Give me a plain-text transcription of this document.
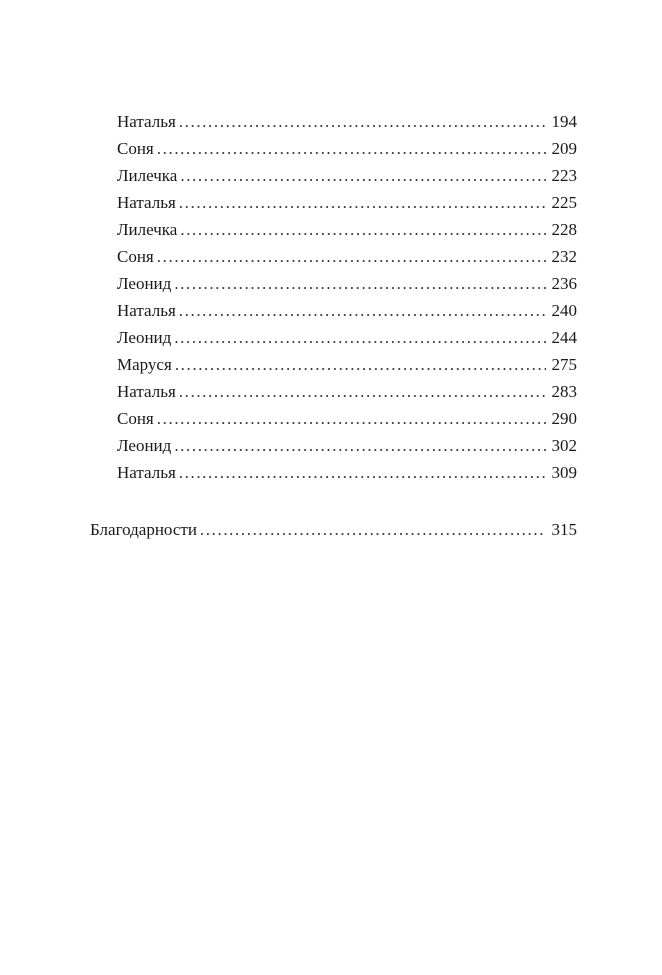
Наталья .....	194
Соня .....	209
Лилечка .....	223
Наталья .....	225
Лилечка .....	228
Соня .....	232
Леонид .....	236
Наталья .....	240
Леонид .....	244
Маруся .....	275
Наталья .....	283
Соня .....	290
Леонид .....	302
Наталья .....	309
Благодарности .....	315
